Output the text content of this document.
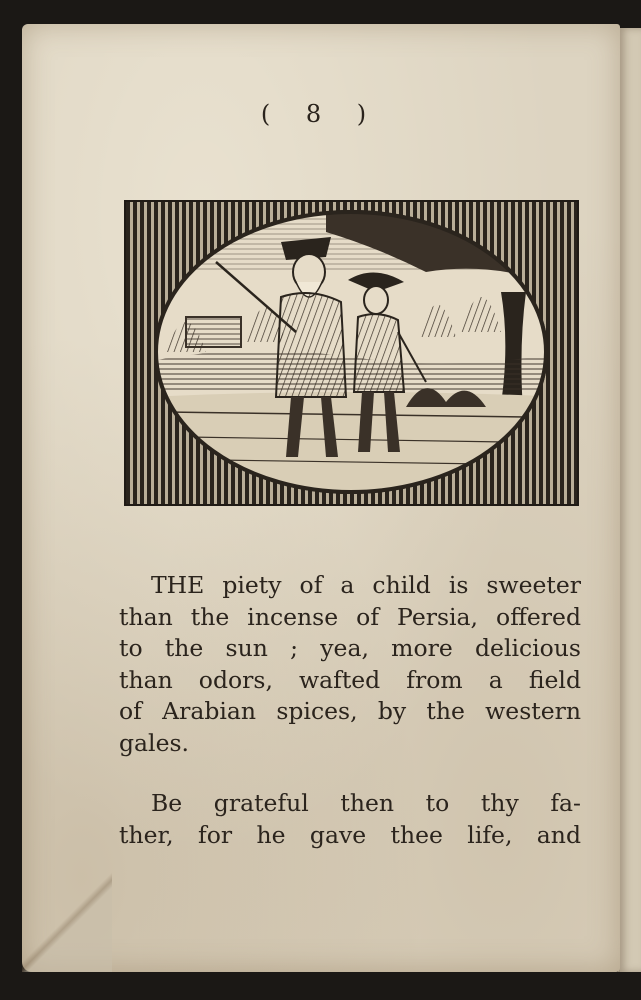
( 8 )
THE piety of a child is sweeter
than the incense of Persia, offered
to the sun ; yea, more delicious
than odors, wafted from a field
of Arabian spices, by the western
gales.
Be grateful then to thy fa-
ther, for he gave thee life, and
